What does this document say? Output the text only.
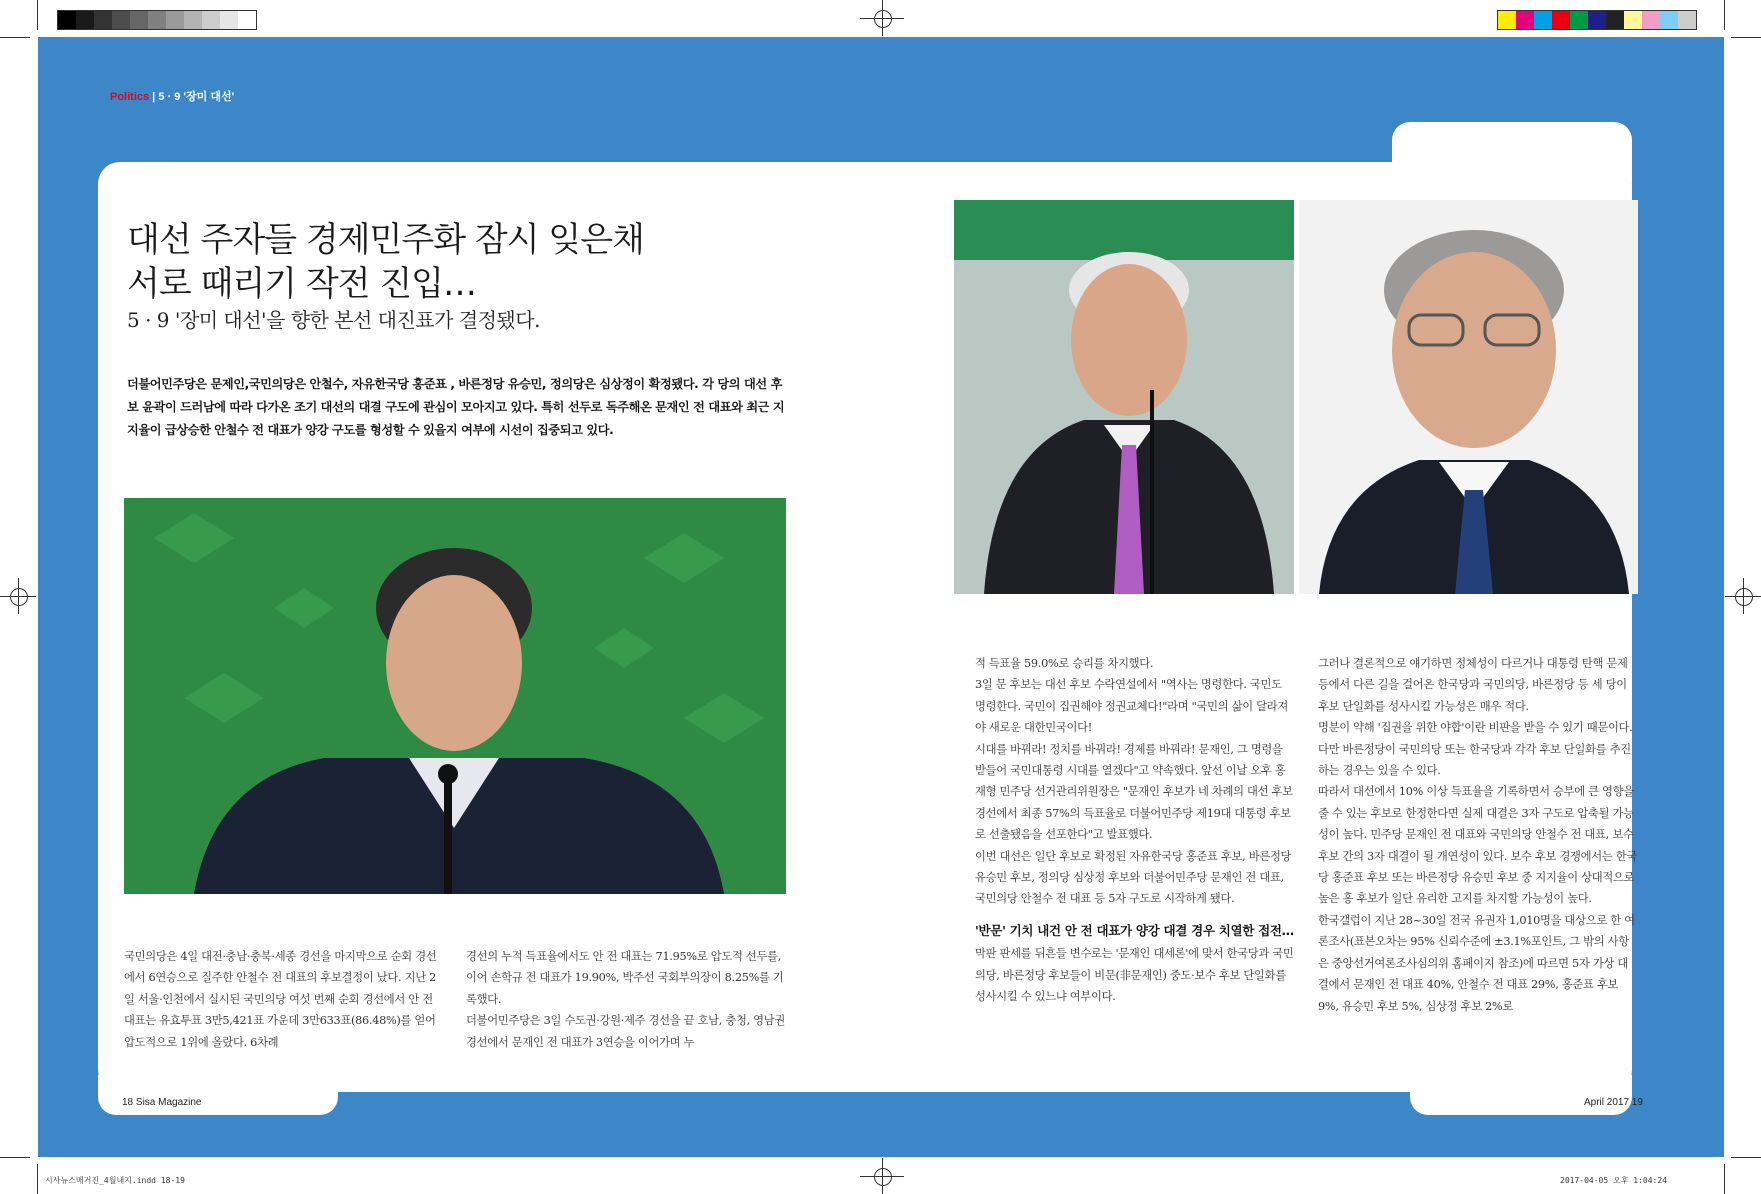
Politics | 5 · 9 '장미 대선'
대선 주자들 경제민주화 잠시 잊은채
서로 때리기 작전 진입…
5 · 9 '장미 대선'을 향한 본선 대진표가 결정됐다.
더불어민주당은 문제인,국민의당은 안철수, 자유한국당 홍준표 , 바른정당 유승민, 정의당은 심상정이 확정됐다. 각 당의 대선 후보 윤곽이 드러남에 따라 다가온 조기 대선의 대결 구도에 관심이 모아지고 있다. 특히 선두로 독주해온 문재인 전 대표와 최근 지지율이 급상승한 안철수 전 대표가 양강 구도를 형성할 수 있을지 여부에 시선이 집중되고 있다.

국민의당은 4일 대전·충남·충북·세종 경선을 마지막으로 순회 경선에서 6연승으로 질주한 안철수 전 대표의 후보결정이 났다. 지난 2일 서울·인천에서 실시된 국민의당 여섯 번째 순회 경선에서 안 전 대표는 유효투표 3만5,421표 가운데 3만633표(86.48%)를 얻어 압도적으로 1위에 올랐다. 6차례

경선의 누적 득표율에서도 안 전 대표는 71.95%로 압도적 선두를, 이어 손학규 전 대표가 19.90%, 박주선 국회부의장이 8.25%를 기록했다.

더불어민주당은 3일 수도권·강원·제주 경선을 끝 호남, 충청, 영남권 경선에서 문재인 전 대표가 3연승을 이어가며 누

적 득표율 59.0%로 승리를 차지했다.

3일 문 후보는 대선 후보 수락연설에서 "역사는 명령한다. 국민도 명령한다. 국민이 집권해야 정권교체다!"라며 "국민의 삶이 달라져야 새로운 대한민국이다!

시대를 바꿔라! 정치를 바꿔라! 경제를 바꿔라! 문재인, 그 명령을 받들어 국민대통령 시대를 열겠다"고 약속했다. 앞선 이날 오후 홍재형 민주당 선거관리위원장은 "문재인 후보가 네 차례의 대선 후보 경선에서 최종 57%의 득표율로 더불어민주당 제19대 대통령 후보로 선출됐음을 선포한다"고 발표했다.

이번 대선은 일단 후보로 확정된 자유한국당 홍준표 후보, 바른정당 유승민 후보, 정의당 심상정 후보와 더불어민주당 문재인 전 대표, 국민의당 안철수 전 대표 등 5자 구도로 시작하게 됐다.

'반문' 기치 내건 안 전 대표가 양강 대결 경우 치열한 접전…

막판 판세를 뒤흔들 변수로는 '문재인 대세론'에 맞서 한국당과 국민의당, 바른정당 후보들이 비문(非문재인) 중도·보수 후보 단일화를 성사시킬 수 있느냐 여부이다.

그러나 결론적으로 얘기하면 정체성이 다르거나 대통령 탄핵 문제 등에서 다른 길을 걸어온 한국당과 국민의당, 바른정당 등 세 당이 후보 단일화를 성사시킬 가능성은 매우 적다.

명분이 약해 '집권을 위한 야합'이란 비판을 받을 수 있기 때문이다. 다만 바른정당이 국민의당 또는 한국당과 각각 후보 단일화를 추진하는 경우는 있을 수 있다.

따라서 대선에서 10% 이상 득표율을 기록하면서 승부에 큰 영향을 줄 수 있는 후보로 한정한다면 실제 대결은 3자 구도로 압축될 가능성이 높다. 민주당 문재인 전 대표와 국민의당 안철수 전 대표, 보수 후보 간의 3자 대결이 될 개연성이 있다. 보수 후보 경쟁에서는 한국당 홍준표 후보 또는 바른정당 유승민 후보 중 지지율이 상대적으로 높은 홍 후보가 일단 유리한 고지를 차지할 가능성이 높다.

한국갤럽이 지난 28~30일 전국 유권자 1,010명을 대상으로 한 여론조사(표본오차는 95% 신뢰수준에 ±3.1%포인트, 그 밖의 사항은 중앙선거여론조사심의위 홈페이지 참조)에 따르면 5자 가상 대결에서 문재인 전 대표 40%, 안철수 전 대표 29%, 홍준표 후보 9%, 유승민 후보 5%, 심상정 후보 2%로

18 Sisa Magazine	April 2017 19
시사뉴스매거진_4월내지.indd 18-19	2017-04-05 오후 1:04:24
